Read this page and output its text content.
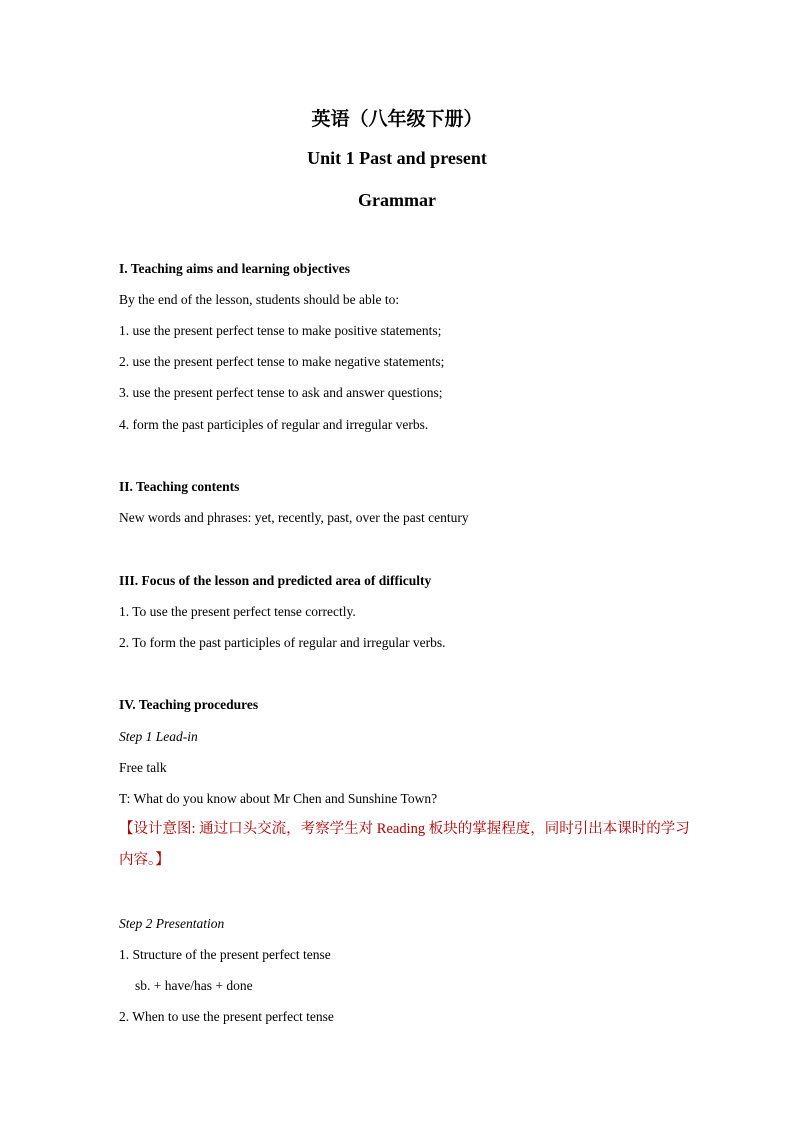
英语（八年级下册）
Unit 1 Past and present
Grammar

I. Teaching aims and learning objectives

By the end of the lesson, students should be able to:

1. use the present perfect tense to make positive statements;

2. use the present perfect tense to make negative statements;

3. use the present perfect tense to ask and answer questions;

4. form the past participles of regular and irregular verbs.

II. Teaching contents

New words and phrases: yet, recently, past, over the past century

III. Focus of the lesson and predicted area of difficulty

1. To use the present perfect tense correctly.

2. To form the past participles of regular and irregular verbs.

IV. Teaching procedures

Step 1 Lead-in

Free talk

T: What do you know about Mr Chen and Sunshine Town?

【设计意图: 通过口头交流，考察学生对 Reading 板块的掌握程度，同时引出本课时的学习

内容。】

Step 2 Presentation

1. Structure of the present perfect tense

sb. + have/has + done

2. When to use the present perfect tense
